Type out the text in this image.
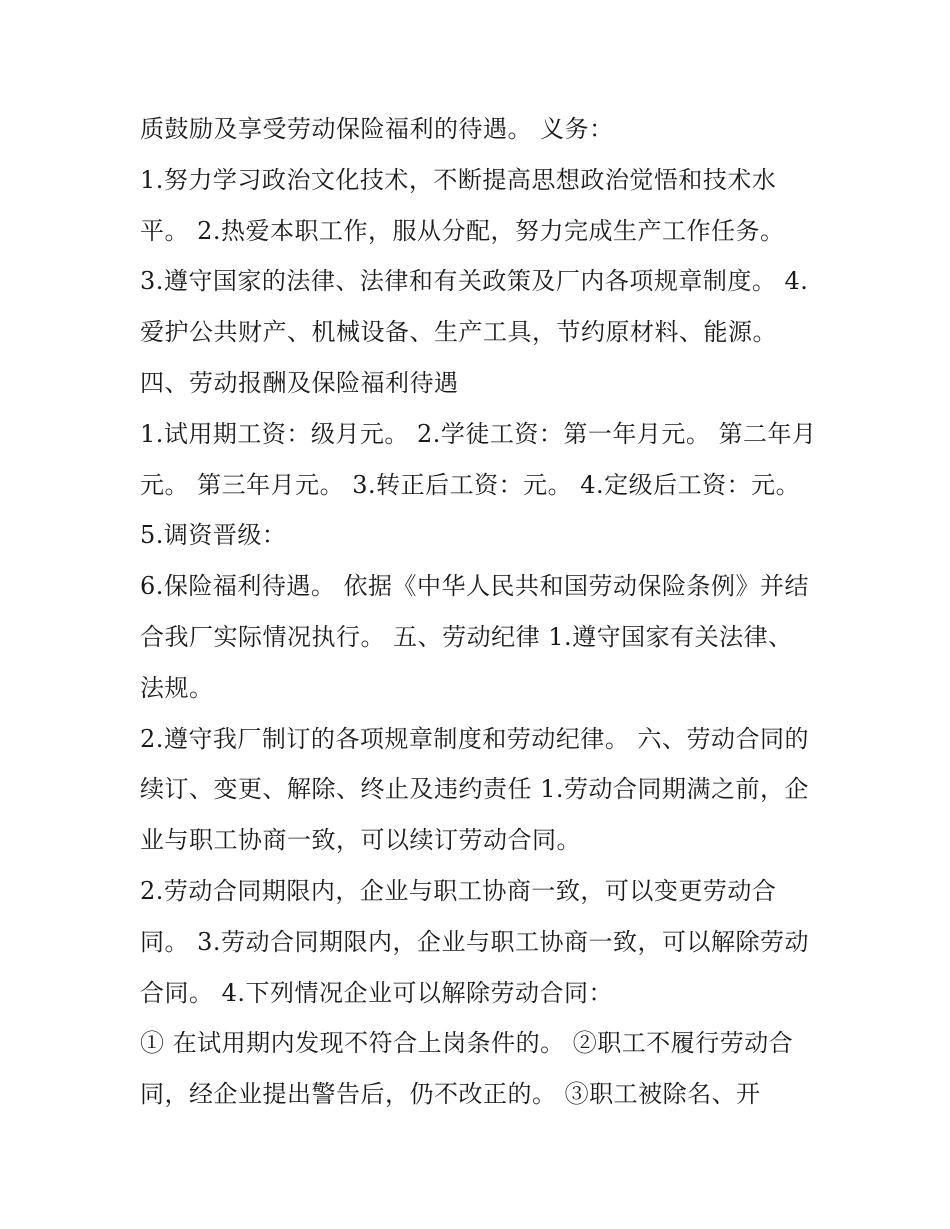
质鼓励及享受劳动保险福利的待遇。 义务：
1.努力学习政治文化技术，不断提高思想政治觉悟和技术水
平。 2.热爱本职工作，服从分配，努力完成生产工作任务。
3.遵守国家的法律、法律和有关政策及厂内各项规章制度。 4.
爱护公共财产、机械设备、生产工具，节约原材料、能源。
四、劳动报酬及保险福利待遇
1.试用期工资：级月元。 2.学徒工资：第一年月元。 第二年月
元。 第三年月元。 3.转正后工资：元。 4.定级后工资：元。
5.调资晋级：
6.保险福利待遇。 依据《中华人民共和国劳动保险条例》并结
合我厂实际情况执行。 五、劳动纪律 1.遵守国家有关法律、
法规。
2.遵守我厂制订的各项规章制度和劳动纪律。 六、劳动合同的
续订、变更、解除、终止及违约责任 1.劳动合同期满之前，企
业与职工协商一致，可以续订劳动合同。
2.劳动合同期限内，企业与职工协商一致，可以变更劳动合
同。 3.劳动合同期限内，企业与职工协商一致，可以解除劳动
合同。 4.下列情况企业可以解除劳动合同：
① 在试用期内发现不符合上岗条件的。 ②职工不履行劳动合
同，经企业提出警告后，仍不改正的。 ③职工被除名、开
